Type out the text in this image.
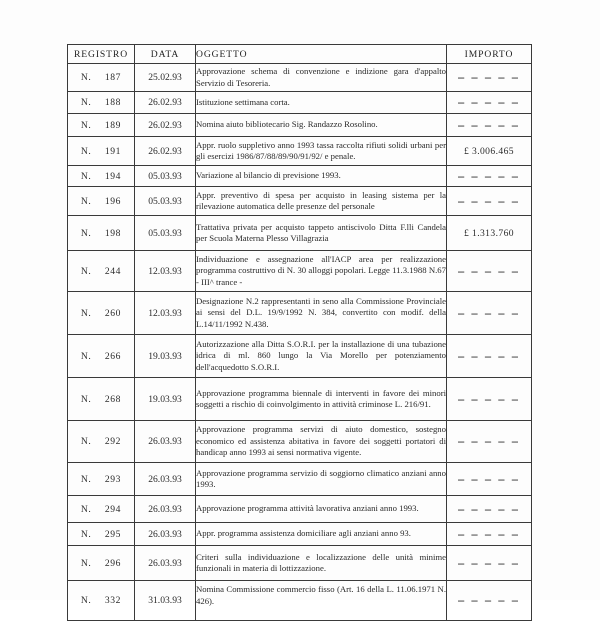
REGISTRO	DATA	OGGETTO	IMPORTO
N. 187	25.02.93	Approvazione schema di convenzione e indizione gara d'appalto Servizio di Tesoreria.	— — — — —
N. 188	26.02.93	Istituzione settimana corta.	— — — — —
N. 189	26.02.93	Nomina aiuto bibliotecario Sig. Randazzo Rosolino.	— — — — —
N. 191	26.02.93	Appr. ruolo suppletivo anno 1993 tassa raccolta rifiuti solidi urbani per gli esercizi 1986/87/88/89/90/91/92/ e penale.	£ 3.006.465
N. 194	05.03.93	Variazione al bilancio di previsione 1993.	— — — — —
N. 196	05.03.93	Appr. preventivo di spesa per acquisto in leasing sistema per la rilevazione automatica delle presenze del personale	— — — — —
N. 198	05.03.93	Trattativa privata per acquisto tappeto antiscivolo Ditta F.lli Candela per Scuola Materna Plesso Villagrazia	£ 1.313.760
N. 244	12.03.93	Individuazione e assegnazione all'IACP area per realizzazione programma costruttivo di N. 30 alloggi popolari. Legge 11.3.1988 N.67 - III^ trance -	— — — — —
N. 260	12.03.93	Designazione N.2 rappresentanti in seno alla Commissione Provinciale ai sensi del D.L. 19/9/1992 N. 384, convertito con modif. della L.14/11/1992 N.438.	— — — — —
N. 266	19.03.93	Autorizzazione alla Ditta S.O.R.I. per la installazione di una tubazione idrica di ml. 860 lungo la Via Morello per potenziamento dell'acquedotto S.O.R.I.	— — — — —
N. 268	19.03.93	Approvazione programma biennale di interventi in favore dei minori soggetti a rischio di coinvolgimento in attività criminose L. 216/91.	— — — — —
N. 292	26.03.93	Approvazione programma servizi di aiuto domestico, sostegno economico ed assistenza abitativa in favore dei soggetti portatori di handicap anno 1993 ai sensi normativa vigente.	— — — — —
N. 293	26.03.93	Approvazione programma servizio di soggiorno climatico anziani anno 1993.	— — — — —
N. 294	26.03.93	Approvazione programma attività lavorativa anziani anno 1993.	— — — — —
N. 295	26.03.93	Appr. programma assistenza domiciliare agli anziani anno 93.	— — — — —
N. 296	26.03.93	Criteri sulla individuazione e localizzazione delle unità minime funzionali in materia di lottizzazione.	— — — — —
N. 332	31.03.93	Nomina Commissione commercio fisso (Art. 16 della L. 11.06.1971 N. 426).	— — — — —
